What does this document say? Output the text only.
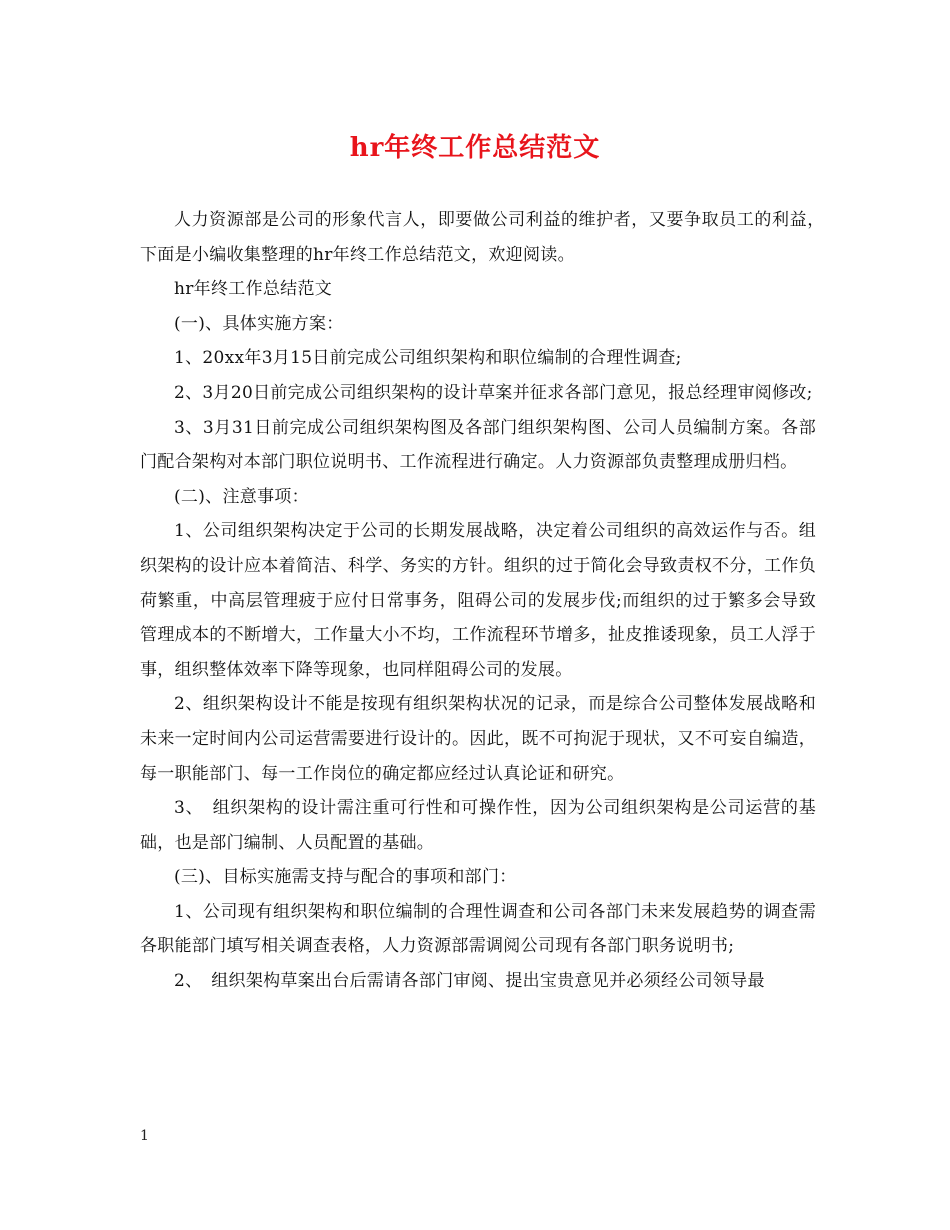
hr年终工作总结范文

人力资源部是公司的形象代言人，即要做公司利益的维护者，又要争取员工的利益，　下面是小编收集整理的hr年终工作总结范文，欢迎阅读。

hr年终工作总结范文

(一)、具体实施方案：

1、20xx年3月15日前完成公司组织架构和职位编制的合理性调查;

2、3月20日前完成公司组织架构的设计草案并征求各部门意见，报总经理审阅修改;

3、3月31日前完成公司组织架构图及各部门组织架构图、公司人员编制方案。各部门配合架构对本部门职位说明书、工作流程进行确定。人力资源部负责整理成册归档。

(二)、注意事项：

1、公司组织架构决定于公司的长期发展战略，决定着公司组织的高效运作与否。组织架构的设计应本着简洁、科学、务实的方针。组织的过于简化会导致责权不分，工作负荷繁重，中高层管理疲于应付日常事务，阻碍公司的发展步伐;而组织的过于繁多会导致管理成本的不断增大，工作量大小不均，工作流程环节增多，扯皮推诿现象，员工人浮于事，组织整体效率下降等现象，也同样阻碍公司的发展。

2、组织架构设计不能是按现有组织架构状况的记录，而是综合公司整体发展战略和未来一定时间内公司运营需要进行设计的。因此，既不可拘泥于现状，又不可妄自编造，每一职能部门、每一工作岗位的确定都应经过认真论证和研究。

3、　组织架构的设计需注重可行性和可操作性，因为公司组织架构是公司运营的基础，也是部门编制、人员配置的基础。

(三)、目标实施需支持与配合的事项和部门：

1、公司现有组织架构和职位编制的合理性调查和公司各部门未来发展趋势的调查需各职能部门填写相关调查表格，人力资源部需调阅公司现有各部门职务说明书;

2、　组织架构草案出台后需请各部门审阅、提出宝贵意见并必须经公司领导最

1
